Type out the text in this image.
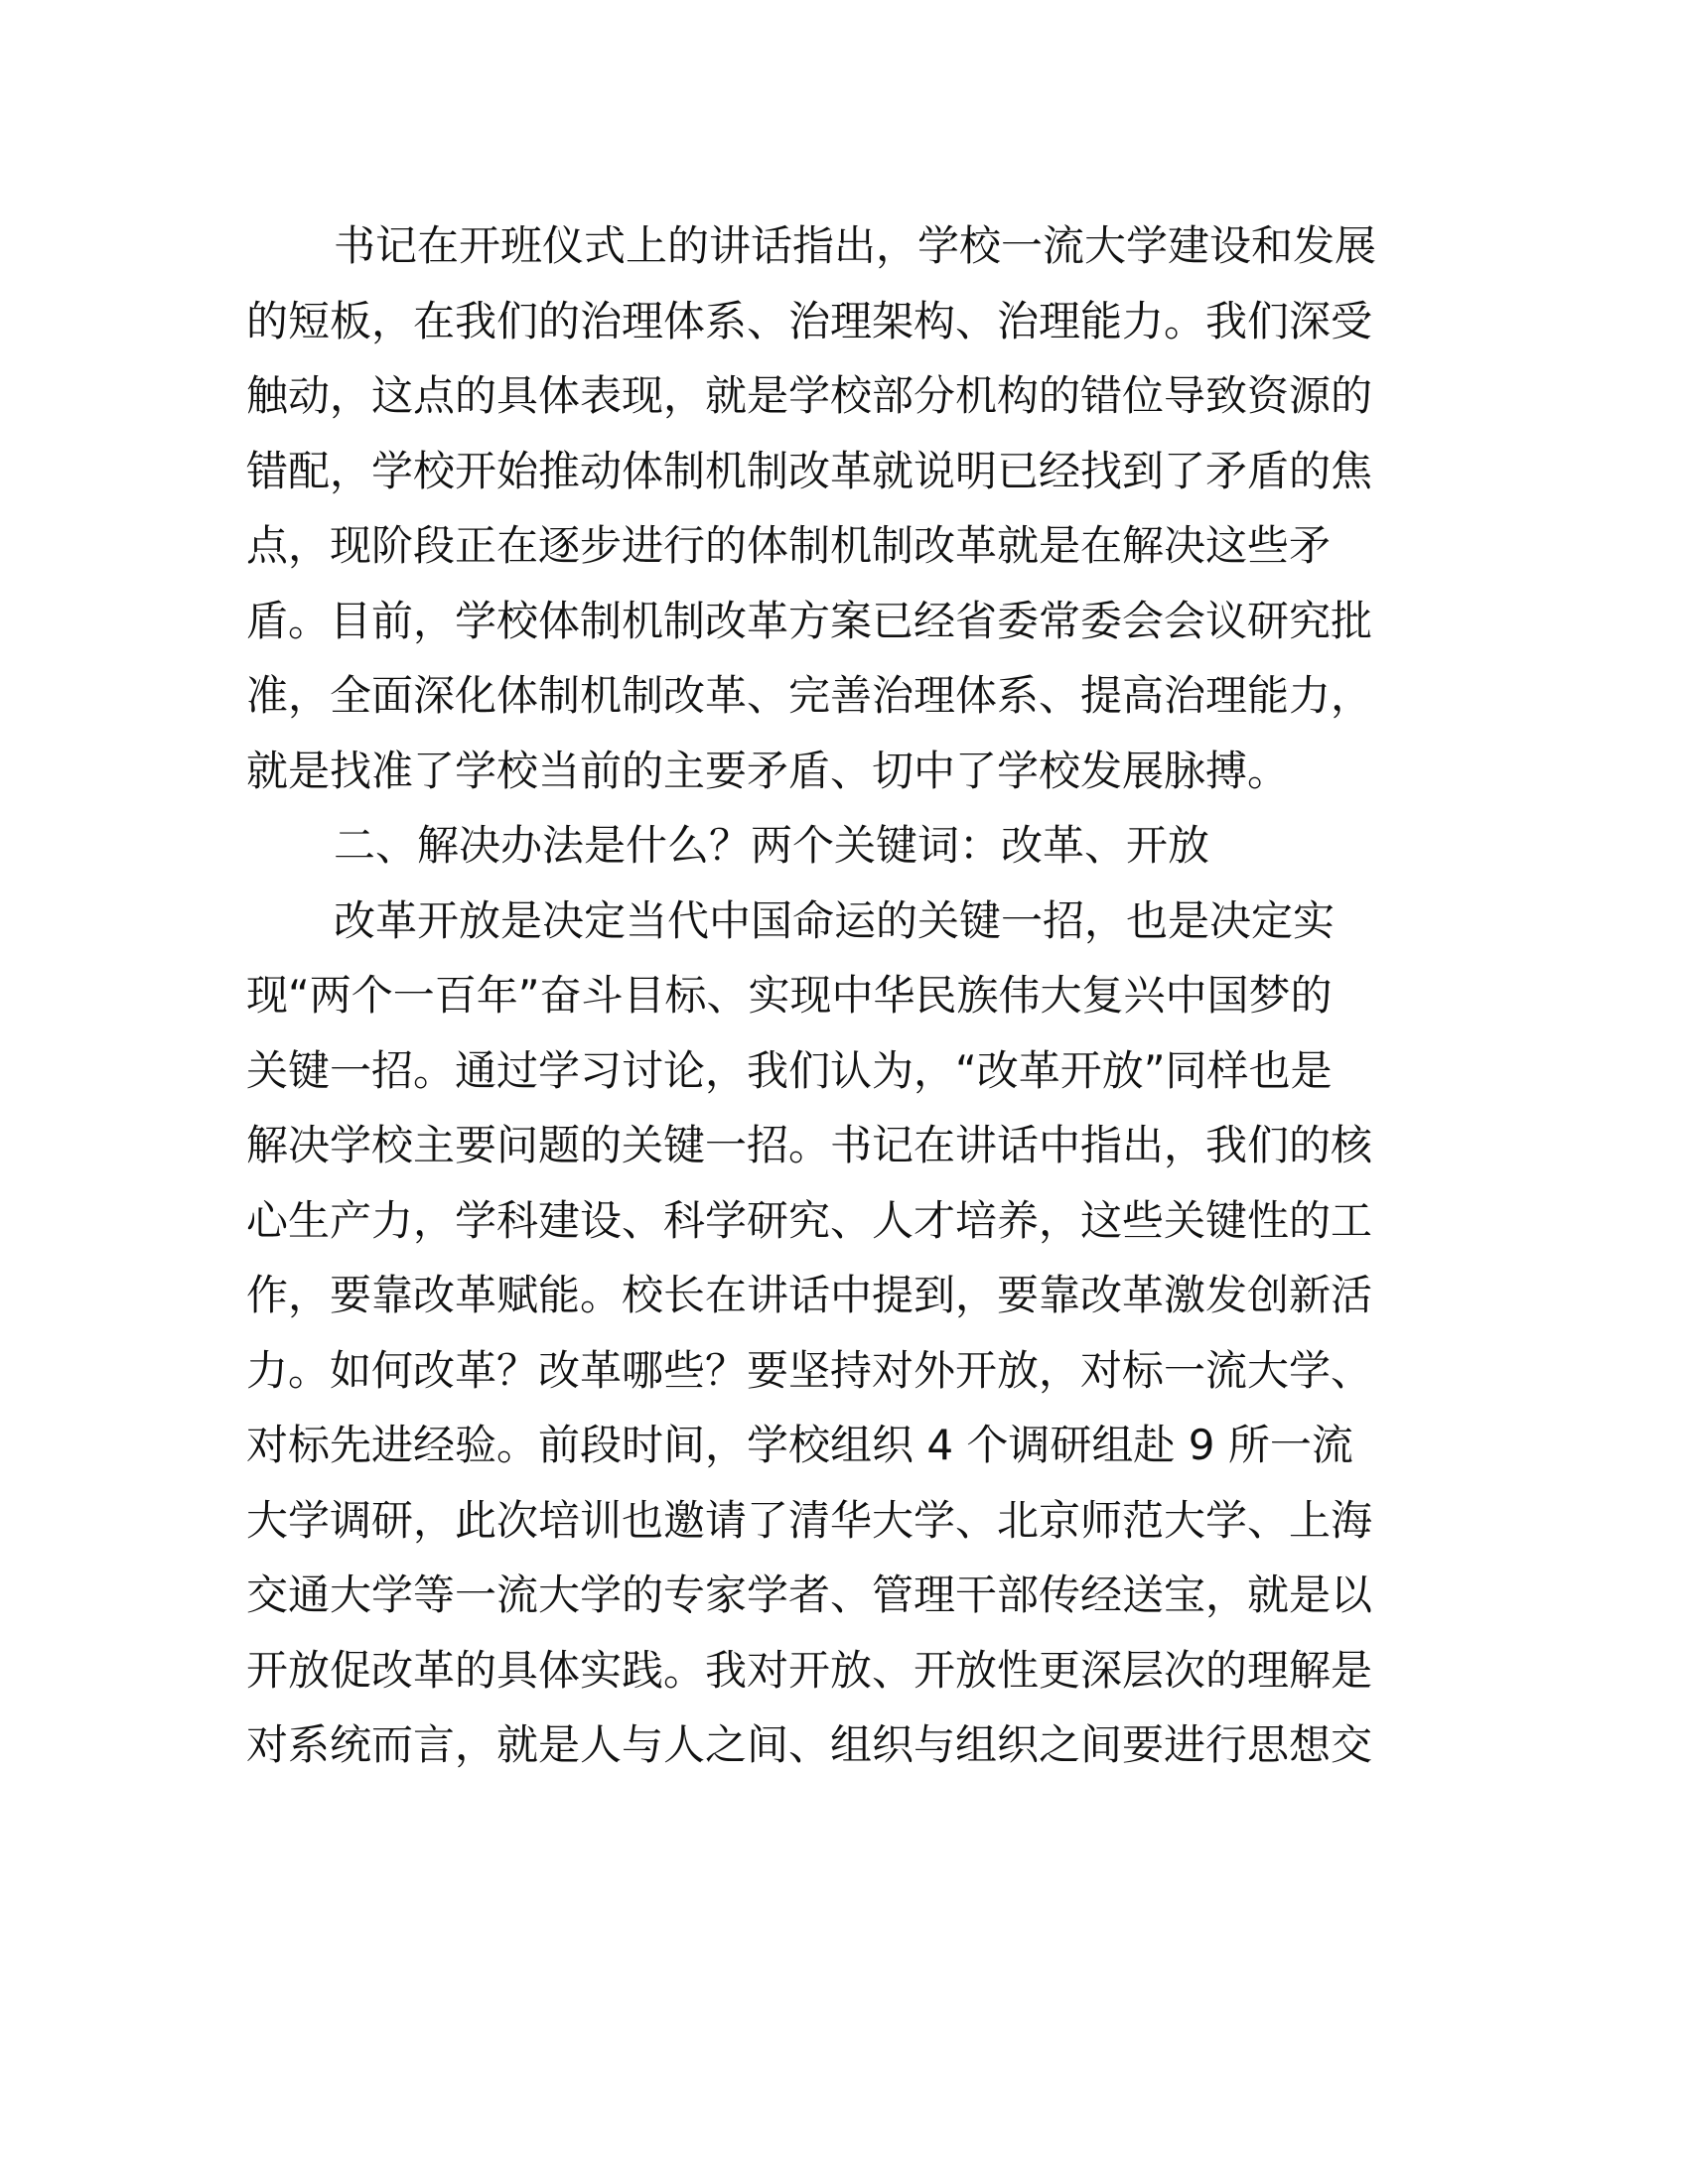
书记在开班仪式上的讲话指出，学校一流大学建设和发展
的短板，在我们的治理体系、治理架构、治理能力。我们深受
触动，这点的具体表现，就是学校部分机构的错位导致资源的
错配，学校开始推动体制机制改革就说明已经找到了矛盾的焦
点，现阶段正在逐步进行的体制机制改革就是在解决这些矛
盾。目前，学校体制机制改革方案已经省委常委会会议研究批
准，全面深化体制机制改革、完善治理体系、提高治理能力，
就是找准了学校当前的主要矛盾、切中了学校发展脉搏。
二、解决办法是什么？两个关键词：改革、开放
改革开放是决定当代中国命运的关键一招，也是决定实
现“两个一百年”奋斗目标、实现中华民族伟大复兴中国梦的
关键一招。通过学习讨论，我们认为，“改革开放”同样也是
解决学校主要问题的关键一招。书记在讲话中指出，我们的核
心生产力，学科建设、科学研究、人才培养，这些关键性的工
作，要靠改革赋能。校长在讲话中提到，要靠改革激发创新活
力。如何改革？改革哪些？要坚持对外开放，对标一流大学、
对标先进经验。前段时间，学校组织 4 个调研组赴 9 所一流
大学调研，此次培训也邀请了清华大学、北京师范大学、上海
交通大学等一流大学的专家学者、管理干部传经送宝，就是以
开放促改革的具体实践。我对开放、开放性更深层次的理解是
对系统而言，就是人与人之间、组织与组织之间要进行思想交
